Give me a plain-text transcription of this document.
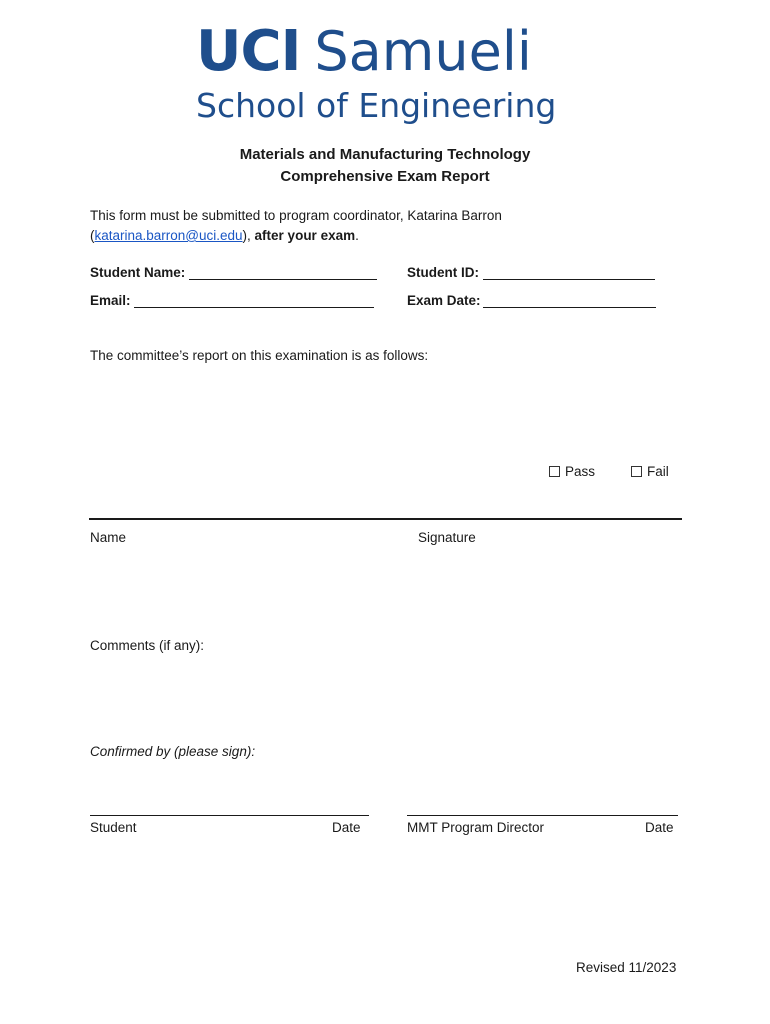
UCI Samueli
School of Engineering
Materials and Manufacturing Technology
Comprehensive Exam Report
This form must be submitted to program coordinator, Katarina Barron
(katarina.barron@uci.edu), after your exam.
Student Name:	Student ID:
Email:	Exam Date:
The committee’s report on this examination is as follows:
Pass	Fail
Name	Signature
Comments (if any):
Confirmed by (please sign):
Student	Date	MMT Program Director	Date
Revised 11/2023
